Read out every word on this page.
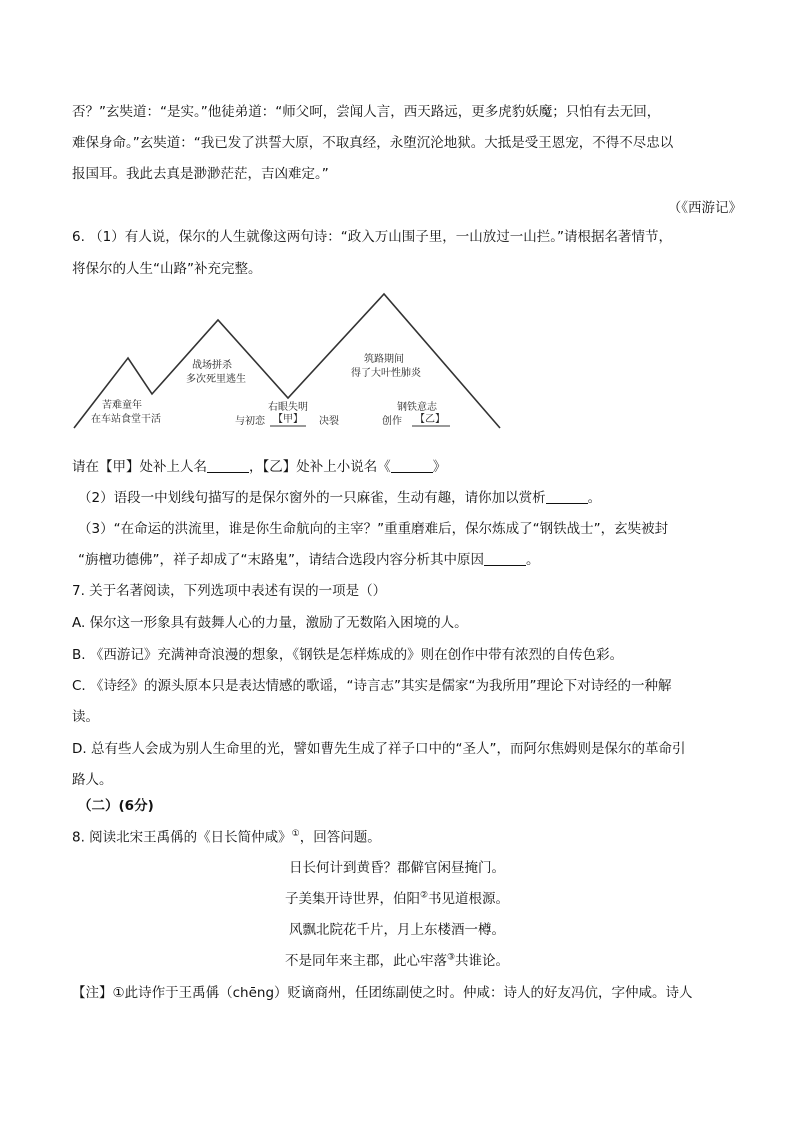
否？”玄奘道：“是实。”他徒弟道：“师父呵，尝闻人言，西天路远，更多虎豹妖魔；只怕有去无回，
难保身命。”玄奘道：“我已发了洪誓大原，不取真经，永堕沉沦地狱。大抵是受王恩宠，不得不尽忠以
报国耳。我此去真是渺渺茫茫，吉凶难定。”
（《西游记》
6. （1）有人说，保尔的人生就像这两句诗：“政入万山围子里，一山放过一山拦。”请根据名著情节，
将保尔的人生“山路”补充完整。
苦难童年
在车站食堂干活
战场拼杀
多次死里逃生
右眼失明
与初恋 【甲】 决裂
筑路期间
得了大叶性肺炎
钢铁意志
创作 【乙】
请在【甲】处补上人名	，【乙】处补上小说名《	》
（2）语段一中划线句描写的是保尔窗外的一只麻雀，生动有趣，请你加以赏析	。
（3）“在命运的洪流里，谁是你生命航向的主宰？”重重磨难后，保尔炼成了“钢铁战士”，玄奘被封
“旃檀功德佛”，祥子却成了“末路鬼”，请结合选段内容分析其中原因	。
7. 关于名著阅读，下列选项中表述有误的一项是（）
A. 保尔这一形象具有鼓舞人心的力量，激励了无数陷入困境的人。
B. 《西游记》充满神奇浪漫的想象，《钢铁是怎样炼成的》则在创作中带有浓烈的自传色彩。
C. 《诗经》的源头原本只是表达情感的歌谣，“诗言志”其实是儒家“为我所用”理论下对诗经的一种解
读。
D. 总有些人会成为别人生命里的光，譬如曹先生成了祥子口中的“圣人”，而阿尔焦姆则是保尔的革命引
路人。
（二）(6分)
8. 阅读北宋王禹偁的《日长简仲咸》①，回答问题。
日长何计到黄昏？郡僻官闲昼掩门。
子美集开诗世界，伯阳②书见道根源。
风飘北院花千片，月上东楼酒一樽。
不是同年来主郡，此心牢落③共谁论。
【注】①此诗作于王禹偁（chēng）贬谪商州，任团练副使之时。仲咸：诗人的好友冯伉，字仲咸。诗人
